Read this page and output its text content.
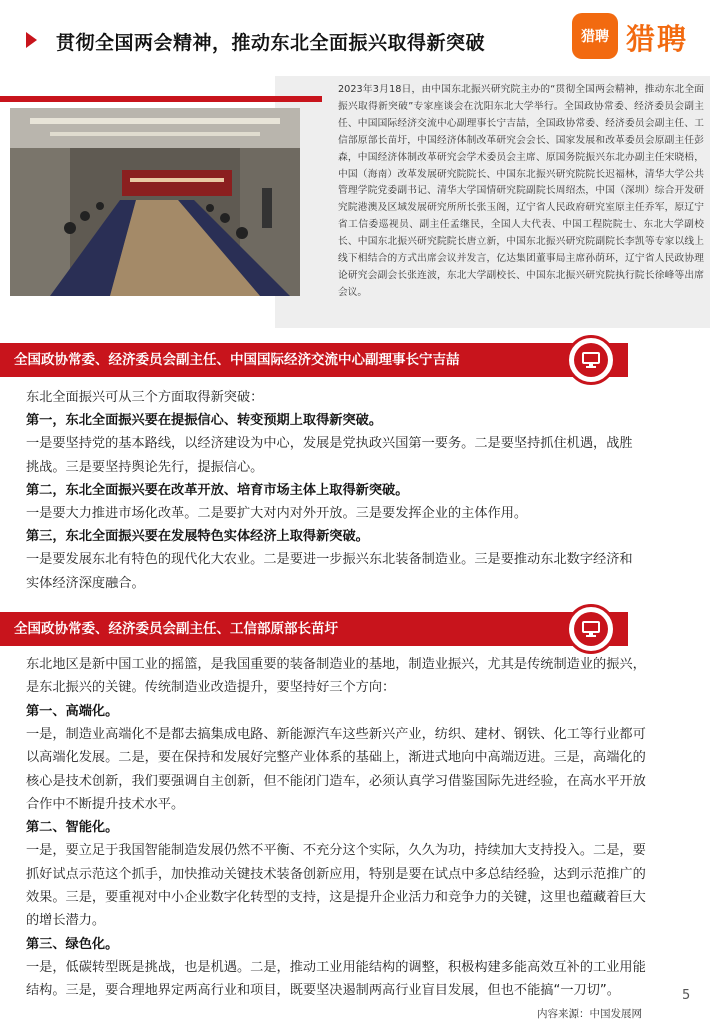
贯彻全国两会精神，推动东北全面振兴取得新突破	猎聘 猎聘
2023年3月18日，由中国东北振兴研究院主办的“贯彻全国两会精神，推动东北全面振兴取得新突破”专家座谈会在沈阳东北大学举行。全国政协常委、经济委员会副主任、中国国际经济交流中心副理事长宁吉喆，全国政协常委、经济委员会副主任、工信部原部长苗圩，中国经济体制改革研究会会长、国家发展和改革委员会原副主任彭森，中国经济体制改革研究会学术委员会主席、原国务院振兴东北办副主任宋晓梧，中国（海南）改革发展研究院院长、中国东北振兴研究院院长迟福林，清华大学公共管理学院党委副书记、清华大学国情研究院副院长周绍杰，中国（深圳）综合开发研究院港澳及区域发展研究所所长张玉阁，辽宁省人民政府研究室原主任乔军，原辽宁省工信委巡视员、副主任孟继民，全国人大代表、中国工程院院士、东北大学副校长、中国东北振兴研究院院长唐立新，中国东北振兴研究院副院长李凯等专家以线上线下相结合的方式出席会议并发言，亿达集团董事局主席孙荫环，辽宁省人民政协理论研究会副会长张连波，东北大学副校长、中国东北振兴研究院执行院长徐峰等出席会议。
全国政协常委、经济委员会副主任、中国国际经济交流中心副理事长宁吉喆
东北全面振兴可从三个方面取得新突破：
第一，东北全面振兴要在提振信心、转变预期上取得新突破。
一是要坚持党的基本路线，以经济建设为中心，发展是党执政兴国第一要务。二是要坚持抓住机遇，战胜
挑战。三是要坚持舆论先行，提振信心。
第二，东北全面振兴要在改革开放、培育市场主体上取得新突破。
一是要大力推进市场化改革。二是要扩大对内对外开放。三是要发挥企业的主体作用。
第三，东北全面振兴要在发展特色实体经济上取得新突破。
一是要发展东北有特色的现代化大农业。二是要进一步振兴东北装备制造业。三是要推动东北数字经济和
实体经济深度融合。
全国政协常委、经济委员会副主任、工信部原部长苗圩
东北地区是新中国工业的摇篮，是我国重要的装备制造业的基地，制造业振兴，尤其是传统制造业的振兴，
是东北振兴的关键。传统制造业改造提升，要坚持好三个方向：
第一、高端化。
一是，制造业高端化不是都去搞集成电路、新能源汽车这些新兴产业，纺织、建材、钢铁、化工等行业都可
以高端化发展。二是，要在保持和发展好完整产业体系的基础上，渐进式地向中高端迈进。三是，高端化的
核心是技术创新，我们要强调自主创新，但不能闭门造车，必须认真学习借鉴国际先进经验，在高水平开放
合作中不断提升技术水平。
第二、智能化。
一是，要立足于我国智能制造发展仍然不平衡、不充分这个实际，久久为功，持续加大支持投入。二是，要
抓好试点示范这个抓手，加快推动关键技术装备创新应用，特别是要在试点中多总结经验，达到示范推广的
效果。三是，要重视对中小企业数字化转型的支持，这是提升企业活力和竞争力的关键，这里也蕴藏着巨大
的增长潜力。
第三、绿色化。
一是，低碳转型既是挑战，也是机遇。二是，推动工业用能结构的调整，积极构建多能高效互补的工业用能
结构。三是，要合理地界定两高行业和项目，既要坚决遏制两高行业盲目发展，但也不能搞“一刀切”。	5
内容来源：中国发展网
